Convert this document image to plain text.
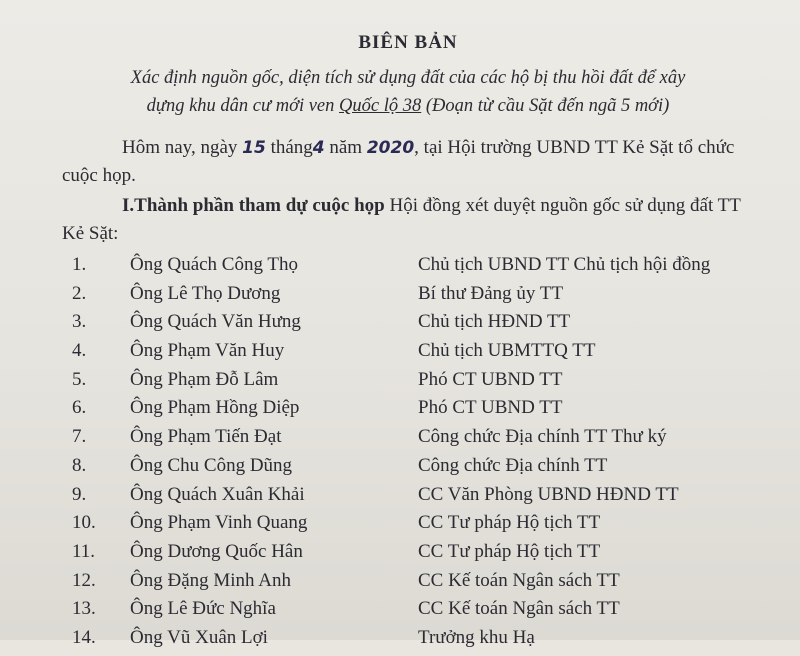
BIÊN BẢN
Xác định nguồn gốc, diện tích sử dụng đất của các hộ bị thu hồi đất để xây
dựng khu dân cư mới ven Quốc lộ 38 (Đoạn từ cầu Sặt đến ngã 5 mới)
Hôm nay, ngày 15 tháng4 năm 2020, tại Hội trường UBND TT Kẻ Sặt tổ chức cuộc họp.
I.Thành phần tham dự cuộc họp Hội đồng xét duyệt nguồn gốc sử dụng đất TT Kẻ Sặt:
1.	Ông Quách Công Thọ	Chủ tịch UBND TT Chủ tịch hội đồng
2.	Ông Lê Thọ Dương	Bí thư Đảng ủy TT
3.	Ông Quách Văn Hưng	Chủ tịch HĐND TT
4.	Ông Phạm Văn Huy	Chủ tịch UBMTTQ TT
5.	Ông Phạm Đỗ Lâm	Phó CT UBND TT
6.	Ông Phạm Hồng Diệp	Phó CT UBND TT
7.	Ông Phạm Tiến Đạt	Công chức Địa chính TT Thư ký
8.	Ông Chu Công Dũng	Công chức Địa chính TT
9.	Ông Quách Xuân Khải	CC Văn Phòng UBND HĐND TT
10.	Ông Phạm Vinh Quang	CC Tư pháp Hộ tịch TT
11.	Ông Dương Quốc Hân	CC Tư pháp Hộ tịch TT
12.	Ông Đặng Minh Anh	CC Kế toán Ngân sách TT
13.	Ông Lê Đức Nghĩa	CC Kế toán Ngân sách TT
14.	Ông Vũ Xuân Lợi	Trưởng khu Hạ
